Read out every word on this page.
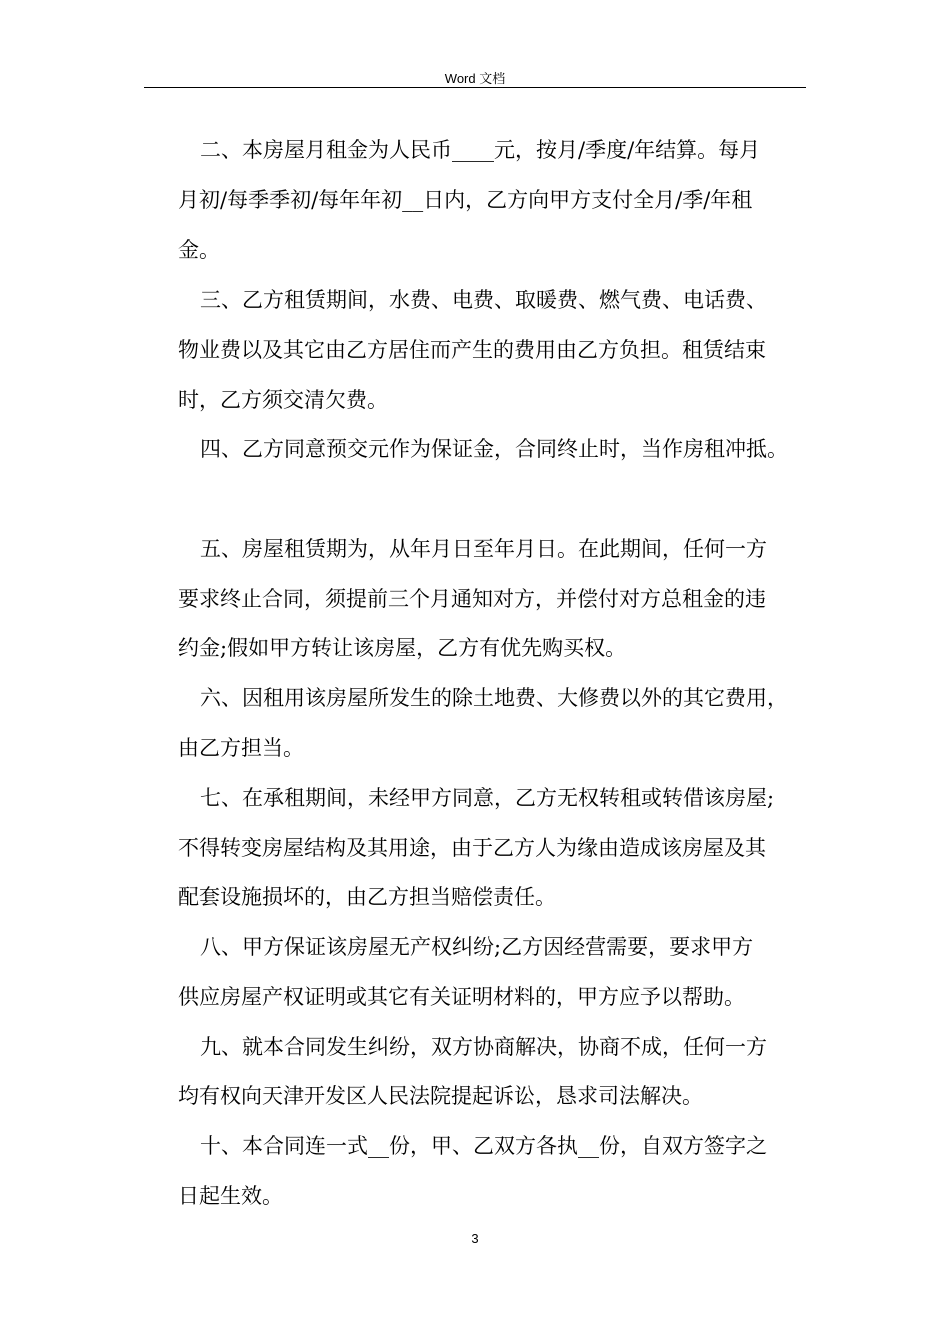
Word 文档
二、本房屋月租金为人民币____元，按月/季度/年结算。每月
月初/每季季初/每年年初__日内，乙方向甲方支付全月/季/年租
金。
三、乙方租赁期间，水费、电费、取暖费、燃气费、电话费、
物业费以及其它由乙方居住而产生的费用由乙方负担。租赁结束
时，乙方须交清欠费。
四、乙方同意预交元作为保证金，合同终止时，当作房租冲抵。
五、房屋租赁期为，从年月日至年月日。在此期间，任何一方
要求终止合同，须提前三个月通知对方，并偿付对方总租金的违
约金;假如甲方转让该房屋，乙方有优先购买权。
六、因租用该房屋所发生的除土地费、大修费以外的其它费用，
由乙方担当。
七、在承租期间，未经甲方同意，乙方无权转租或转借该房屋;
不得转变房屋结构及其用途，由于乙方人为缘由造成该房屋及其
配套设施损坏的，由乙方担当赔偿责任。
八、甲方保证该房屋无产权纠纷;乙方因经营需要，要求甲方
供应房屋产权证明或其它有关证明材料的，甲方应予以帮助。
九、就本合同发生纠纷，双方协商解决，协商不成，任何一方
均有权向天津开发区人民法院提起诉讼，恳求司法解决。
十、本合同连一式__份，甲、乙双方各执__份，自双方签字之
日起生效。
3
